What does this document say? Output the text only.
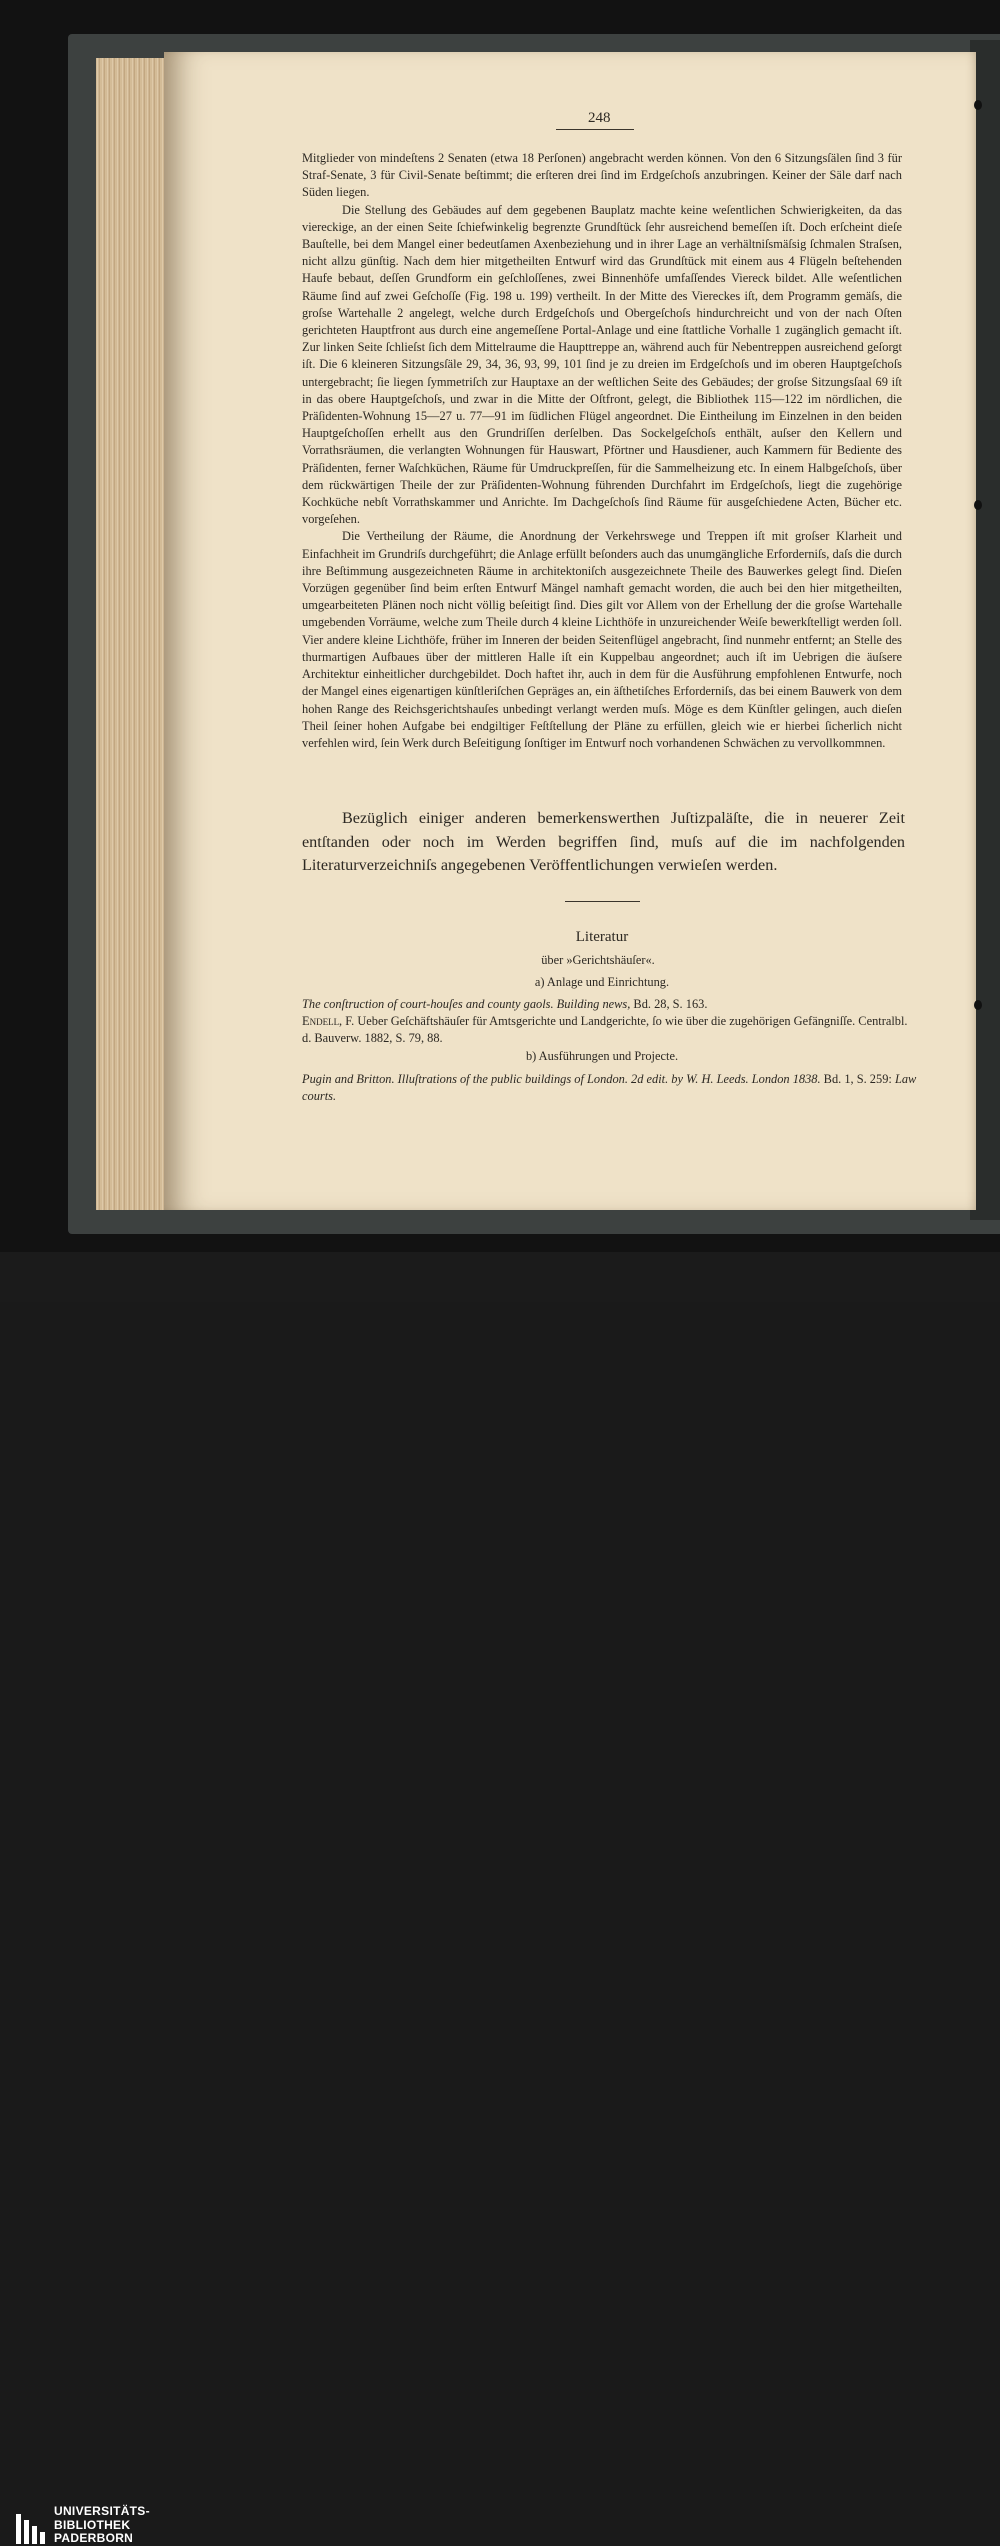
248

Mitglieder von mindeſtens 2 Senaten (etwa 18 Perſonen) angebracht werden können. Von den 6 Sitzungsſälen ſind 3 für Straf-Senate, 3 für Civil-Senate beſtimmt; die erſteren drei ſind im Erdgeſchoſs anzubringen. Keiner der Säle darf nach Süden liegen.

Die Stellung des Gebäudes auf dem gegebenen Bauplatz machte keine weſentlichen Schwierigkeiten, da das viereckige, an der einen Seite ſchiefwinkelig begrenzte Grundſtück ſehr ausreichend bemeſſen iſt. Doch erſcheint dieſe Bauſtelle, bei dem Mangel einer bedeutſamen Axenbeziehung und in ihrer Lage an verhältniſsmäſsig ſchmalen Straſsen, nicht allzu günſtig. Nach dem hier mitgetheilten Entwurf wird das Grundſtück mit einem aus 4 Flügeln beſtehenden Haufe bebaut, deſſen Grundform ein geſchloſſenes, zwei Binnenhöfe umfaſſendes Viereck bildet. Alle weſentlichen Räume ſind auf zwei Geſchoſſe (Fig. 198 u. 199) vertheilt. In der Mitte des Viereckes iſt, dem Programm gemäſs, die groſse Wartehalle 2 angelegt, welche durch Erdgeſchoſs und Obergeſchoſs hindurchreicht und von der nach Oſten gerichteten Hauptfront aus durch eine angemeſſene Portal-Anlage und eine ſtattliche Vorhalle 1 zugänglich gemacht iſt. Zur linken Seite ſchlieſst ſich dem Mittelraume die Haupttreppe an, während auch für Nebentreppen ausreichend geſorgt iſt. Die 6 kleineren Sitzungsſäle 29, 34, 36, 93, 99, 101 ſind je zu dreien im Erdgeſchoſs und im oberen Hauptgeſchoſs untergebracht; ſie liegen ſymmetriſch zur Hauptaxe an der weſtlichen Seite des Gebäudes; der groſse Sitzungsſaal 69 iſt in das obere Hauptgeſchoſs, und zwar in die Mitte der Oſtfront, gelegt, die Bibliothek 115—122 im nördlichen, die Präſidenten-Wohnung 15—27 u. 77—91 im ſüdlichen Flügel angeordnet. Die Eintheilung im Einzelnen in den beiden Hauptgeſchoſſen erhellt aus den Grundriſſen derſelben. Das Sockelgeſchoſs enthält, auſser den Kellern und Vorrathsräumen, die verlangten Wohnungen für Hauswart, Pförtner und Hausdiener, auch Kammern für Bediente des Präſidenten, ferner Waſchküchen, Räume für Umdruckpreſſen, für die Sammelheizung etc. In einem Halbgeſchoſs, über dem rückwärtigen Theile der zur Präſidenten-Wohnung führenden Durchfahrt im Erdgeſchoſs, liegt die zugehörige Kochküche nebſt Vorrathskammer und Anrichte. Im Dachgeſchoſs ſind Räume für ausgeſchiedene Acten, Bücher etc. vorgeſehen.

Die Vertheilung der Räume, die Anordnung der Verkehrswege und Treppen iſt mit groſser Klarheit und Einfachheit im Grundriſs durchgeführt; die Anlage erfüllt beſonders auch das unumgängliche Erforderniſs, daſs die durch ihre Beſtimmung ausgezeichneten Räume in architektoniſch ausgezeichnete Theile des Bauwerkes gelegt ſind. Dieſen Vorzügen gegenüber ſind beim erſten Entwurf Mängel namhaft gemacht worden, die auch bei den hier mitgetheilten, umgearbeiteten Plänen noch nicht völlig beſeitigt ſind. Dies gilt vor Allem von der Erhellung der die groſse Wartehalle umgebenden Vorräume, welche zum Theile durch 4 kleine Lichthöfe in unzureichender Weiſe bewerkſtelligt werden ſoll. Vier andere kleine Lichthöfe, früher im Inneren der beiden Seitenflügel angebracht, ſind nunmehr entfernt; an Stelle des thurmartigen Aufbaues über der mittleren Halle iſt ein Kuppelbau angeordnet; auch iſt im Uebrigen die äuſsere Architektur einheitlicher durchgebildet. Doch haftet ihr, auch in dem für die Ausführung empfohlenen Entwurfe, noch der Mangel eines eigenartigen künſtleriſchen Gepräges an, ein äſthetiſches Erforderniſs, das bei einem Bauwerk von dem hohen Range des Reichsgerichtshauſes unbedingt verlangt werden muſs. Möge es dem Künſtler gelingen, auch dieſen Theil ſeiner hohen Aufgabe bei endgiltiger Feſtſtellung der Pläne zu erfüllen, gleich wie er hierbei ſicherlich nicht verfehlen wird, ſein Werk durch Beſeitigung ſonſtiger im Entwurf noch vorhandenen Schwächen zu vervollkommnen.

Bezüglich einiger anderen bemerkenswerthen Juſtizpaläſte, die in neuerer Zeit entſtanden oder noch im Werden begriffen ſind, muſs auf die im nachfolgenden Literaturverzeichniſs angegebenen Veröffentlichungen verwieſen werden.
Literatur
über »Gerichtshäuſer«.
a) Anlage und Einrichtung.
The conſtruction of court-houſes and county gaols. Building news, Bd. 28, S. 163.
Endell, F. Ueber Geſchäftshäuſer für Amtsgerichte und Landgerichte, ſo wie über die zugehörigen Gefängniſſe. Centralbl. d. Bauverw. 1882, S. 79, 88.
b) Ausführungen und Projecte.
Pugin and Britton. Illuſtrations of the public buildings of London. 2d edit. by W. H. Leeds. London 1838. Bd. 1, S. 259: Law courts.
UNIVERSITÄTS-
BIBLIOTHEK
PADERBORN
